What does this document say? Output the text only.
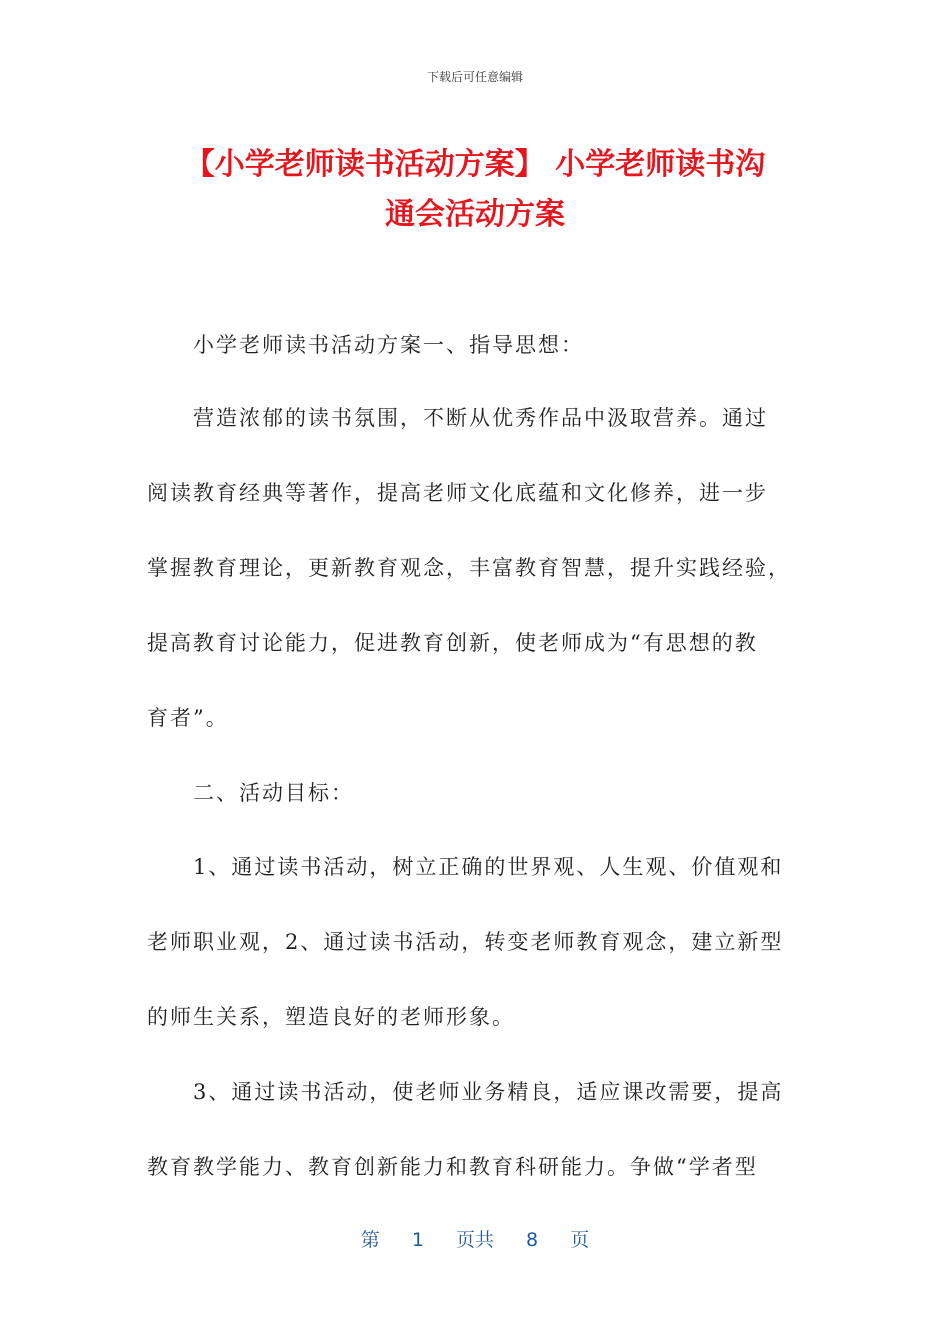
下载后可任意编辑
【小学老师读书活动方案】 小学老师读书沟
通会活动方案

小学老师读书活动方案一、指导思想：

营造浓郁的读书氛围，不断从优秀作品中汲取营养。通过

阅读教育经典等著作，提高老师文化底蕴和文化修养，进一步

掌握教育理论，更新教育观念，丰富教育智慧，提升实践经验，

提高教育讨论能力，促进教育创新，使老师成为“有思想的教

育者”。

二、活动目标：

1、通过读书活动，树立正确的世界观、人生观、价值观和

老师职业观，2、通过读书活动，转变老师教育观念，建立新型

的师生关系，塑造良好的老师形象。

3、通过读书活动，使老师业务精良，适应课改需要，提高

教育教学能力、教育创新能力和教育科研能力。争做“学者型

第 1 页共 8 页
